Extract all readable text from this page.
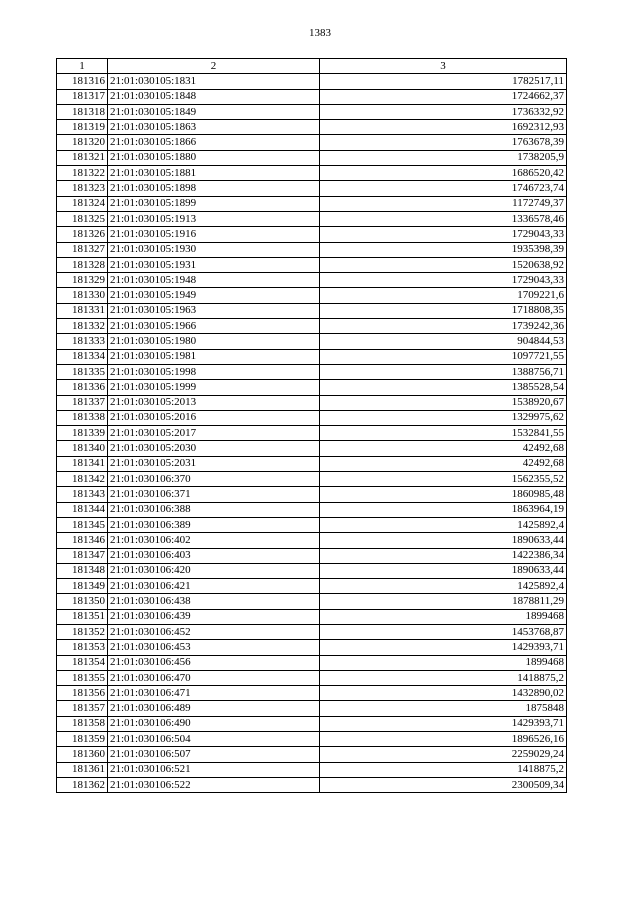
1383
1	2	3
181316	21:01:030105:1831	1782517,11
181317	21:01:030105:1848	1724662,37
181318	21:01:030105:1849	1736332,92
181319	21:01:030105:1863	1692312,93
181320	21:01:030105:1866	1763678,39
181321	21:01:030105:1880	1738205,9
181322	21:01:030105:1881	1686520,42
181323	21:01:030105:1898	1746723,74
181324	21:01:030105:1899	1172749,37
181325	21:01:030105:1913	1336578,46
181326	21:01:030105:1916	1729043,33
181327	21:01:030105:1930	1935398,39
181328	21:01:030105:1931	1520638,92
181329	21:01:030105:1948	1729043,33
181330	21:01:030105:1949	1709221,6
181331	21:01:030105:1963	1718808,35
181332	21:01:030105:1966	1739242,36
181333	21:01:030105:1980	904844,53
181334	21:01:030105:1981	1097721,55
181335	21:01:030105:1998	1388756,71
181336	21:01:030105:1999	1385528,54
181337	21:01:030105:2013	1538920,67
181338	21:01:030105:2016	1329975,62
181339	21:01:030105:2017	1532841,55
181340	21:01:030105:2030	42492,68
181341	21:01:030105:2031	42492,68
181342	21:01:030106:370	1562355,52
181343	21:01:030106:371	1860985,48
181344	21:01:030106:388	1863964,19
181345	21:01:030106:389	1425892,4
181346	21:01:030106:402	1890633,44
181347	21:01:030106:403	1422386,34
181348	21:01:030106:420	1890633,44
181349	21:01:030106:421	1425892,4
181350	21:01:030106:438	1878811,29
181351	21:01:030106:439	1899468
181352	21:01:030106:452	1453768,87
181353	21:01:030106:453	1429393,71
181354	21:01:030106:456	1899468
181355	21:01:030106:470	1418875,2
181356	21:01:030106:471	1432890,02
181357	21:01:030106:489	1875848
181358	21:01:030106:490	1429393,71
181359	21:01:030106:504	1896526,16
181360	21:01:030106:507	2259029,24
181361	21:01:030106:521	1418875,2
181362	21:01:030106:522	2300509,34
